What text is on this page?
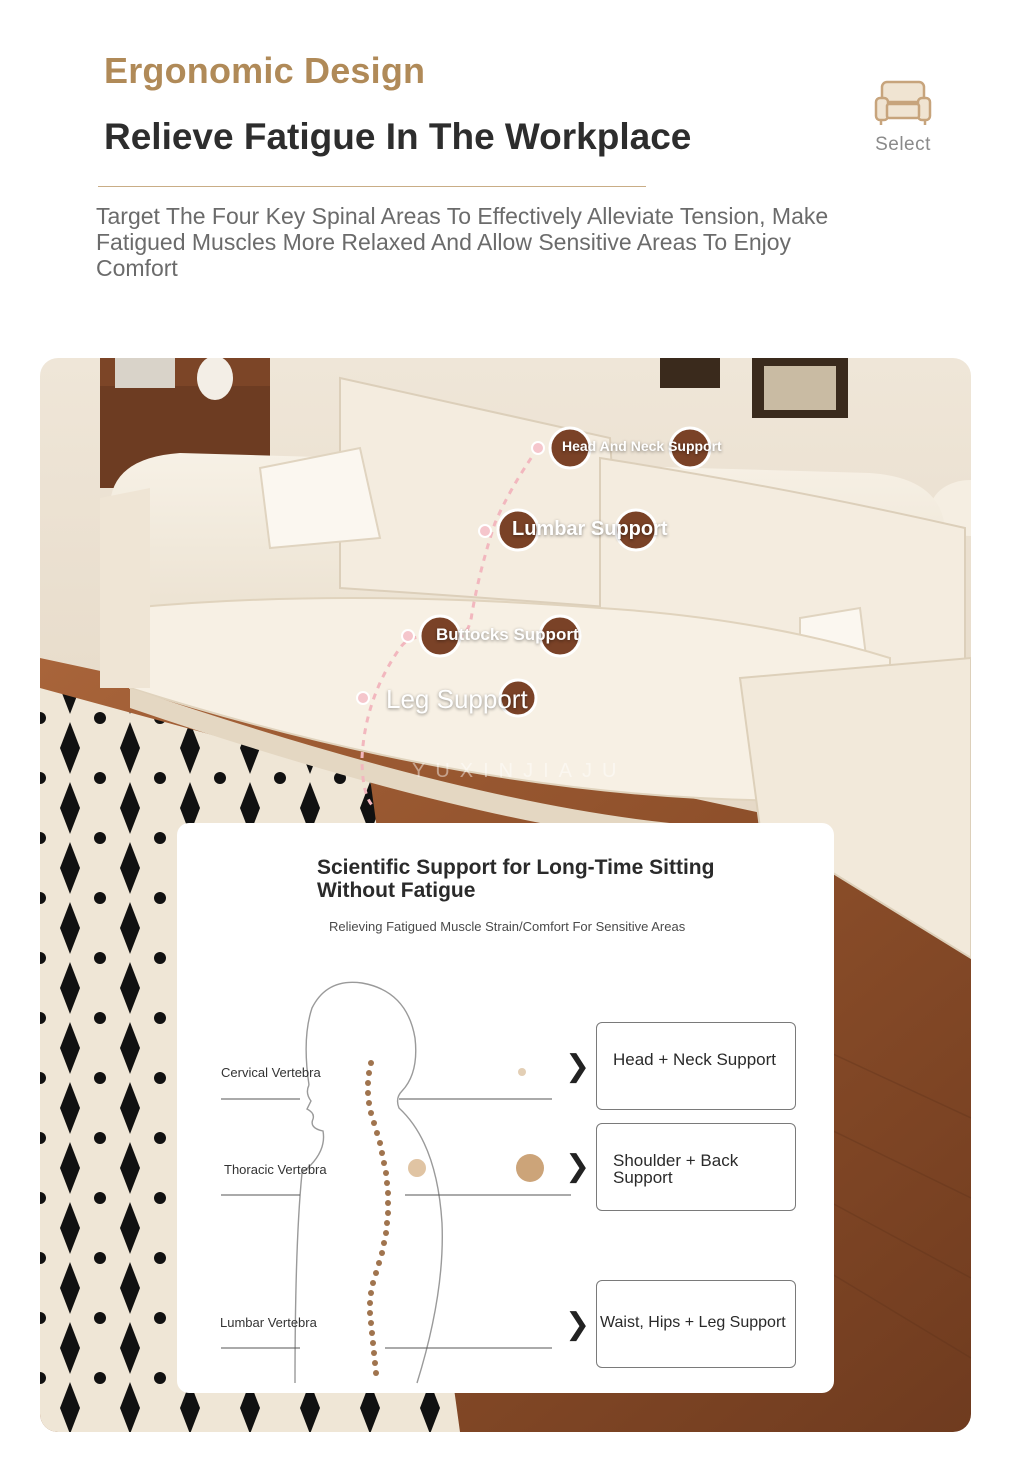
Ergonomic Design
Relieve Fatigue In The Workplace
Target The Four Key Spinal Areas To Effectively Alleviate Tension, Make Fatigued Muscles More Relaxed And Allow Sensitive Areas To Enjoy Comfort
Select
Head And Neck Support
Lumbar Support
Buttocks Support
Leg Support
YUXINJIAJU
Scientific Support for Long-Time Sitting Without Fatigue
Relieving Fatigued Muscle Strain/Comfort For Sensitive Areas
Cervical Vertebra
Thoracic Vertebra
Lumbar Vertebra
❯
❯
❯
Head + Neck Support
Shoulder + Back Support
Waist, Hips + Leg Support
